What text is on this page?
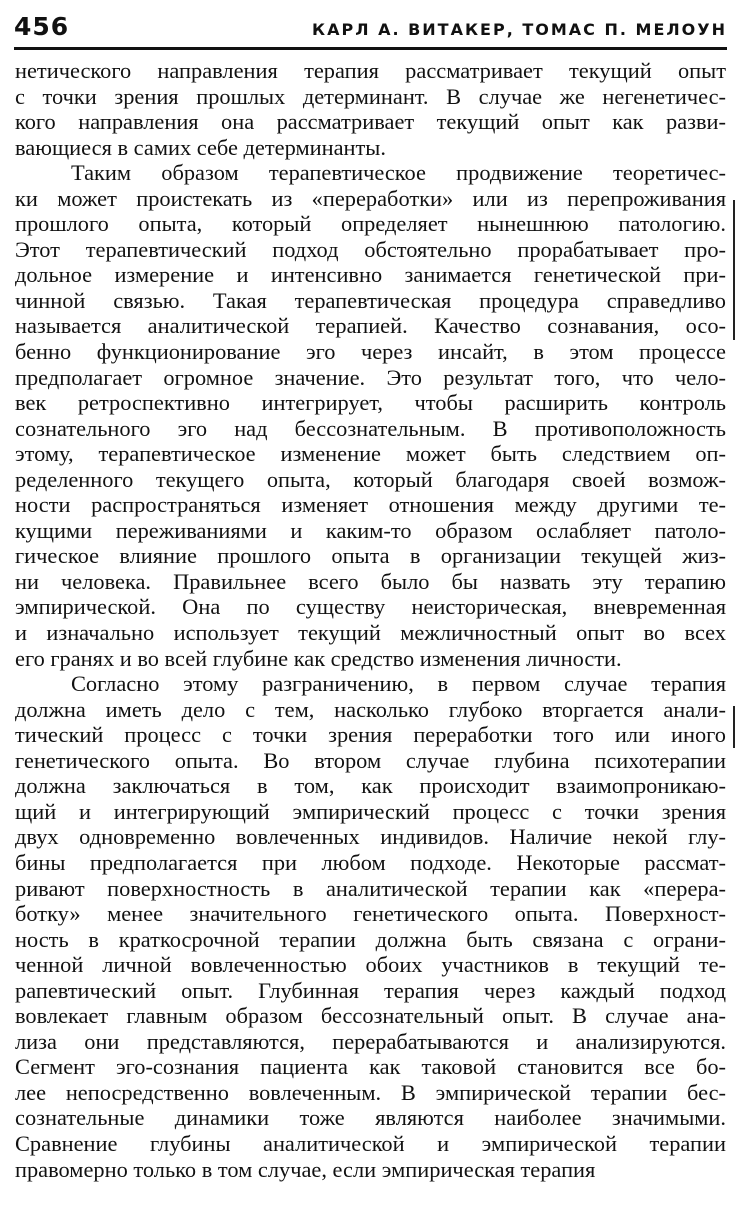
456	КАРЛ А. ВИТАКЕР, ТОМАС П. МЕЛОУН
нетического направления терапия рассматривает текущий опыт
с точки зрения прошлых детерминант. В случае же негенетичес-
кого направления она рассматривает текущий опыт как разви-
вающиеся в самих себе детерминанты.
Таким образом терапевтическое продвижение теоретичес-
ки может проистекать из «переработки» или из перепроживания
прошлого опыта, который определяет нынешнюю патологию.
Этот терапевтический подход обстоятельно прорабатывает про-
дольное измерение и интенсивно занимается генетической при-
чинной связью. Такая терапевтическая процедура справедливо
называется аналитической терапией. Качество сознавания, осо-
бенно функционирование эго через инсайт, в этом процессе
предполагает огромное значение. Это результат того, что чело-
век ретроспективно интегрирует, чтобы расширить контроль
сознательного эго над бессознательным. В противоположность
этому, терапевтическое изменение может быть следствием оп-
ределенного текущего опыта, который благодаря своей возмож-
ности распространяться изменяет отношения между другими те-
кущими переживаниями и каким-то образом ослабляет патоло-
гическое влияние прошлого опыта в организации текущей жиз-
ни человека. Правильнее всего было бы назвать эту терапию
эмпирической. Она по существу неисторическая, вневременная
и изначально использует текущий межличностный опыт во всех
его гранях и во всей глубине как средство изменения личности.
Согласно этому разграничению, в первом случае терапия
должна иметь дело с тем, насколько глубоко вторгается анали-
тический процесс с точки зрения переработки того или иного
генетического опыта. Во втором случае глубина психотерапии
должна заключаться в том, как происходит взаимопроникаю-
щий и интегрирующий эмпирический процесс с точки зрения
двух одновременно вовлеченных индивидов. Наличие некой глу-
бины предполагается при любом подходе. Некоторые рассмат-
ривают поверхностность в аналитической терапии как «перера-
ботку» менее значительного генетического опыта. Поверхност-
ность в краткосрочной терапии должна быть связана с ограни-
ченной личной вовлеченностью обоих участников в текущий те-
рапевтический опыт. Глубинная терапия через каждый подход
вовлекает главным образом бессознательный опыт. В случае ана-
лиза они представляются, перерабатываются и анализируются.
Сегмент эго-сознания пациента как таковой становится все бо-
лее непосредственно вовлеченным. В эмпирической терапии бес-
сознательные динамики тоже являются наиболее значимыми.
Сравнение глубины аналитической и эмпирической терапии
правомерно только в том случае, если эмпирическая терапия
